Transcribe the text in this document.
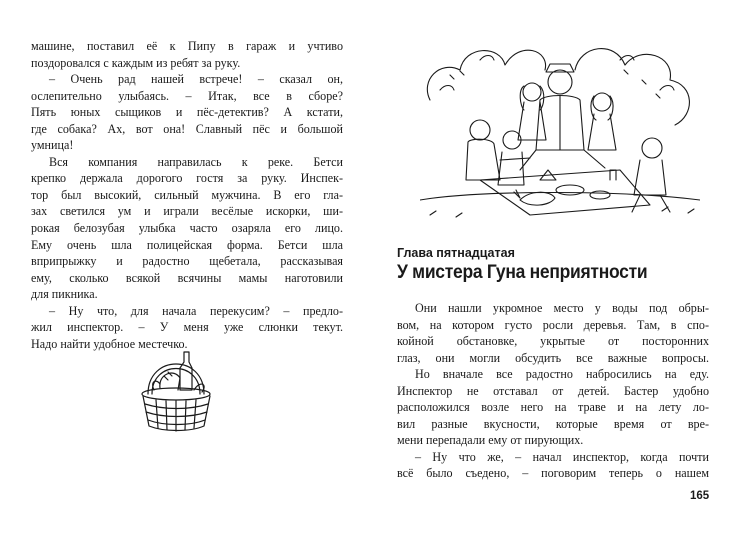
машине, поставил её к Пипу в гараж и учтиво
поздоровался с каждым из ребят за руку.
– Очень рад нашей встрече! – сказал он,
ослепительно улыбаясь. – Итак, все в сборе?
Пять юных сыщиков и пёс-детектив? А кстати,
где собака? Ах, вот она! Славный пёс и большой
умница!
Вся компания направилась к реке. Бетси
крепко держала дорогого гостя за руку. Инспек-
тор был высокий, сильный мужчина. В его гла-
зах светился ум и играли весёлые искорки, ши-
рокая белозубая улыбка часто озаряла его лицо.
Ему очень шла полицейская форма. Бетси шла
вприпрыжку и радостно щебетала, рассказывая
ему, сколько всякой всячины мамы наготовили
для пикника.
– Ну что, для начала перекусим? – предло-
жил инспектор. – У меня уже слюнки текут.
Надо найти удобное местечко.
Глава пятнадцатая
У мистера Гуна неприятности
Они нашли укромное место у воды под обры-
вом, на котором густо росли деревья. Там, в спо-
койной обстановке, укрытые от посторонних
глаз, они могли обсудить все важные вопросы.
Но вначале все радостно набросились на еду.
Инспектор не отставал от детей. Бастер удобно
расположился возле него на траве и на лету ло-
вил разные вкусности, которые время от вре-
мени перепадали ему от пирующих.
– Ну что же, – начал инспектор, когда почти
всё было съедено, – поговорим теперь о нашем
165
